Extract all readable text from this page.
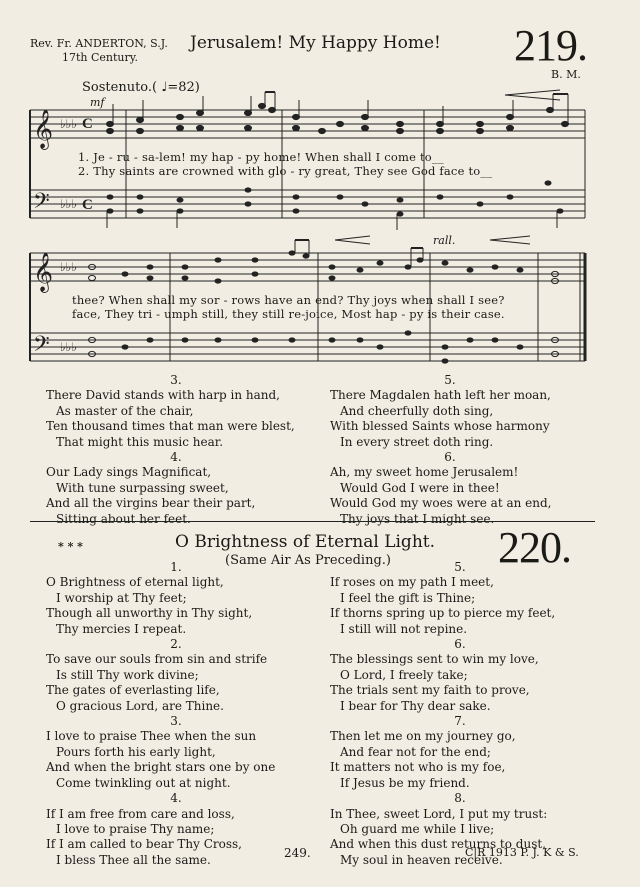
Rev. Fr. ANDERTON, S.J.
17th Century.
Jerusalem! My Happy Home! 219.
B. M.
Sostenuto.( ♩=82)
mf
rall.
𝄞
𝄢
𝄞
𝄢
♭♭♭
♭♭♭
♭♭♭
♭♭♭
C
C
1. Je - ru - sa-lem! my hap - py home! When shall I come to__
2. Thy saints are crowned with glo - ry great, They see God face to__
thee? When shall my sor - rows have an end? Thy joys when shall I see?
face, They tri - umph still, they still re-joice, Most hap - py is their case.
3.
There David stands with harp in hand,
As master of the chair,
Ten thousand times that man were blest,
That might this music hear.
4.
Our Lady sings Magnificat,
With tune surpassing sweet,
And all the virgins bear their part,
Sitting about her feet.
5.
There Magdalen hath left her moan,
And cheerfully doth sing,
With blessed Saints whose harmony
In every street doth ring.
6.
Ah, my sweet home Jerusalem!
Would God I were in thee!
Would God my woes were at an end,
Thy joys that I might see.
* * *	O Brightness of Eternal Light.
(Same Air As Preceding.) 220.
1.
O Brightness of eternal light,
I worship at Thy feet;
Though all unworthy in Thy sight,
Thy mercies I repeat.
2.
To save our souls from sin and strife
Is still Thy work divine;
The gates of everlasting life,
O gracious Lord, are Thine.
3.
I love to praise Thee when the sun
Pours forth his early light,
And when the bright stars one by one
Come twinkling out at night.
4.
If I am free from care and loss,
I love to praise Thy name;
If I am called to bear Thy Cross,
I bless Thee all the same.
5.
If roses on my path I meet,
I feel the gift is Thine;
If thorns spring up to pierce my feet,
I still will not repine.
6.
The blessings sent to win my love,
O Lord, I freely take;
The trials sent my faith to prove,
I bear for Thy dear sake.
7.
Then let me on my journey go,
And fear not for the end;
It matters not who is my foe,
If Jesus be my friend.
8.
In Thee, sweet Lord, I put my trust:
Oh guard me while I live;
And when this dust returns to dust,
My soul in heaven receive.
249.	C|R 1913 P. J. K & S.
